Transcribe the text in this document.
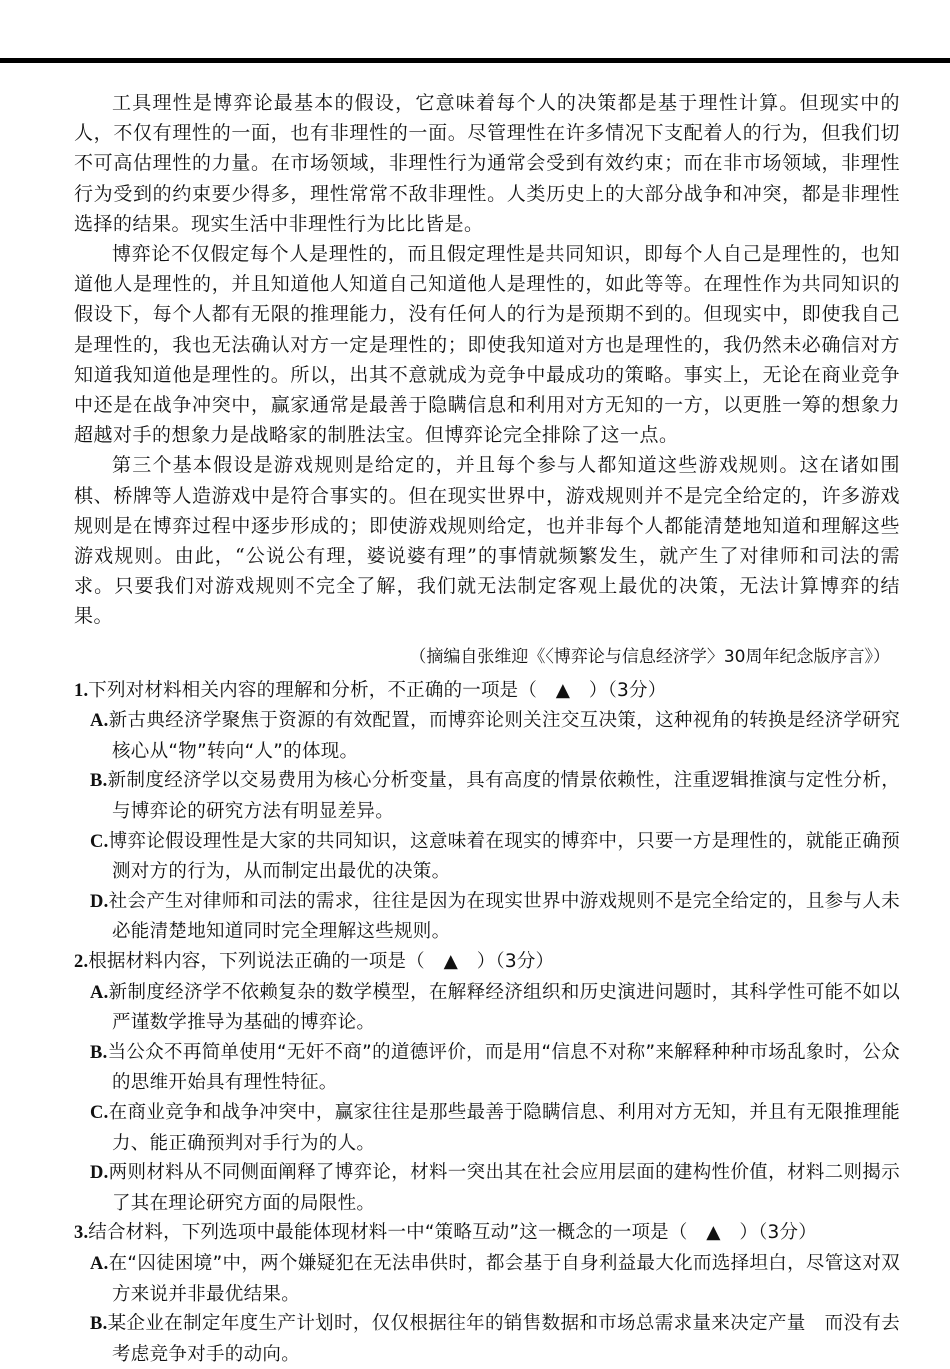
工具理性是博弈论最基本的假设，它意味着每个人的决策都是基于理性计算。但现实中的人，不仅有理性的一面，也有非理性的一面。尽管理性在许多情况下支配着人的行为，但我们切不可高估理性的力量。在市场领域，非理性行为通常会受到有效约束；而在非市场领域，非理性行为受到的约束要少得多，理性常常不敌非理性。人类历史上的大部分战争和冲突，都是非理性选择的结果。现实生活中非理性行为比比皆是。

博弈论不仅假定每个人是理性的，而且假定理性是共同知识，即每个人自己是理性的，也知道他人是理性的，并且知道他人知道自己知道他人是理性的，如此等等。在理性作为共同知识的假设下，每个人都有无限的推理能力，没有任何人的行为是预期不到的。但现实中，即使我自己是理性的，我也无法确认对方一定是理性的；即使我知道对方也是理性的，我仍然未必确信对方知道我知道他是理性的。所以，出其不意就成为竞争中最成功的策略。事实上，无论在商业竞争中还是在战争冲突中，赢家通常是最善于隐瞒信息和利用对方无知的一方，以更胜一筹的想象力超越对手的想象力是战略家的制胜法宝。但博弈论完全排除了这一点。

第三个基本假设是游戏规则是给定的，并且每个参与人都知道这些游戏规则。这在诸如围棋、桥牌等人造游戏中是符合事实的。但在现实世界中，游戏规则并不是完全给定的，许多游戏规则是在博弈过程中逐步形成的；即使游戏规则给定，也并非每个人都能清楚地知道和理解这些游戏规则。由此，“公说公有理，婆说婆有理”的事情就频繁发生，就产生了对律师和司法的需求。只要我们对游戏规则不完全了解，我们就无法制定客观上最优的决策，无法计算博弈的结果。

（摘编自张维迎《〈博弈论与信息经济学〉30周年纪念版序言》）

1.下列对材料相关内容的理解和分析，不正确的一项是（　▲　）（3分）

A.新古典经济学聚焦于资源的有效配置，而博弈论则关注交互决策，这种视角的转换是经济学研究核心从“物”转向“人”的体现。

B.新制度经济学以交易费用为核心分析变量，具有高度的情景依赖性，注重逻辑推演与定性分析，与博弈论的研究方法有明显差异。

C.博弈论假设理性是大家的共同知识，这意味着在现实的博弈中，只要一方是理性的，就能正确预测对方的行为，从而制定出最优的决策。

D.社会产生对律师和司法的需求，往往是因为在现实世界中游戏规则不是完全给定的，且参与人未必能清楚地知道同时完全理解这些规则。

2.根据材料内容，下列说法正确的一项是（　▲　）（3分）

A.新制度经济学不依赖复杂的数学模型，在解释经济组织和历史演进问题时，其科学性可能不如以严谨数学推导为基础的博弈论。

B.当公众不再简单使用“无奸不商”的道德评价，而是用“信息不对称”来解释种种市场乱象时，公众的思维开始具有理性特征。

C.在商业竞争和战争冲突中，赢家往往是那些最善于隐瞒信息、利用对方无知，并且有无限推理能力、能正确预判对手行为的人。

D.两则材料从不同侧面阐释了博弈论，材料一突出其在社会应用层面的建构性价值，材料二则揭示了其在理论研究方面的局限性。

3.结合材料，下列选项中最能体现材料一中“策略互动”这一概念的一项是（　▲　）（3分）

A.在“囚徒困境”中，两个嫌疑犯在无法串供时，都会基于自身利益最大化而选择坦白，尽管这对双方来说并非最优结果。

B.某企业在制定年度生产计划时，仅仅根据往年的销售数据和市场总需求量来决定产量　而没有去考虑竞争对手的动向。
